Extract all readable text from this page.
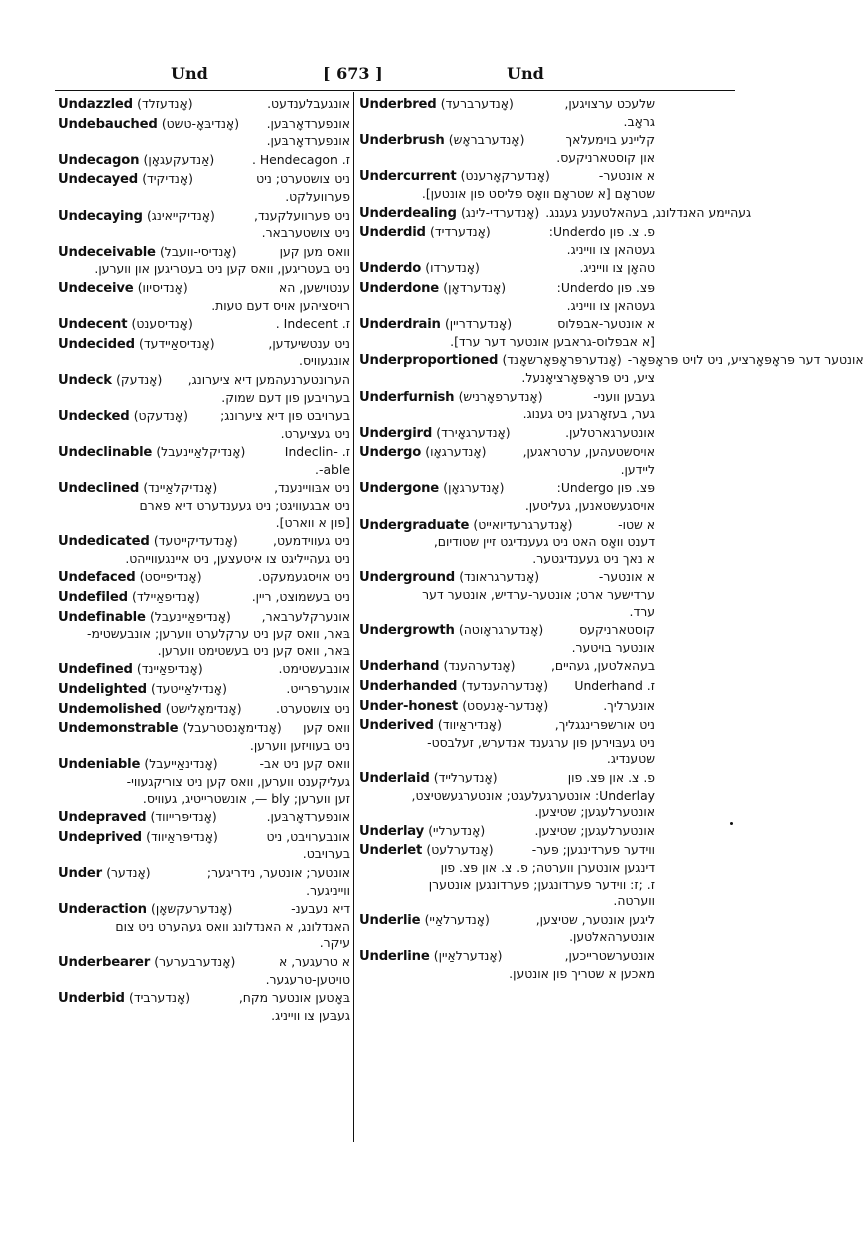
Und	[ 673 ]	Und
Undazzled (אָנדעזלד)	אונגעבלענדעט.
Undebauched (אָנדיבּאָ-טשט) אונפערדאָרבּען.
אונפערדאָרבּען.
Undecagon (אַנדעקעגאָן)	. Hendecagon .ז
Undecayed (אָנדיקיד)	ניט צושטערט; ניט
פערוועלקט.
Undecaying (אָנדיקייאינג)	ניט פערוועלקענד,
ניט צושטערבאר.
Undeceivable (אָנדיסי-וועבל)	וואס מען קען
ניט בעטריגען, וואס קען ניט בעטריגען און ווערען.
Undeceive (אָנדיסיוו)	ענטוישען, ה‍א‍‍‍‍‍‍
רויסציהען אויס דעם טעות.
Undecent (אָנדיסענט)	. Indecent .ז
Undecided (אָנדיסאַיידעד)	ניט ענטשיעדען,
אונגעוויס.
Undeck (אָנדעק) הערונטערנעהמען דיא ציערונג,
בערויבען פון דעם שמוק.
Undecked (אָנדעקט)	בערויבט פון דיא ציערונג;
ניט געציערט.
Undeclinable (אָנדיקלאַיינעבל)	Indeclin- .ז
able-.
Undeclined (אָנדיקלאַיינד)	ניט אבּוויינענד,
ניט אבגעוויגט; ניט געענדערט דיא פארם
[פון א ווארט].
Undedicated (אָנדעדיקייטעד)	ניט געווידמעט,
ניט געהייליגט צו איטעצען, ניט איינגעווייהט.
Undefaced (אָנדיפייסט)	ניט אויסגעמעקט.
Undefiled (אָנדיפאַיילד)	ניט בעשמוצט, ריין.
Undefinable (אָנדיפאַיינעבל) אונערקלערבאר,
בּאר, וואס קען ניט ערקלערט ווערען; אונבעשטימ-
בּאר, וואס קען ניט בעשטימט ווערען.
Undefined (אָנדיפאַיינד)	אונבעשטימט.
Undelighted (אָנדילאַייטעד)	אונערפרייט.
Undemolished (אָנדימאָלישט)	ניט צושטערט.
Undemonstrable (אָנדימאָנסטרעבל) וואס קען
ניט בעוויזען ווערען.
Undeniable (אָנדינאַייעבל)	וואס קען ניט אב-
געליקענט ווערען, וואס קען ניט צוריקגעווי-
זען ווערען; bly —, אונשטרייטיג, געוויס.
Undepraved (אָנדיפּרייווד)	אונפערדאָרבּען.
Undeprived (אָנדיפּראַיווד)	אונבערויבט, ניט
בערויבט.
Under (אָנדער)	אונטער; אונטער, נידריגער;
ווייניגער.
Underaction (אָנדערעקשאָן)	דיא נעבענ-
האנדלונג, א האנדלונג וואס געהערט ניט צום
עיקר.
Underbearer (אָנדערבערער)	א טרעגער, א
טויטען-טרעגער.
Underbid (אָנדערביד)	בּאָטען אונטער מקח,
געבּען צו ווייניג.
Underbred (אָנדערברעד)	שלעכט ערצויגען,
גראָב.
Underbrush (אָנדערבראָש)	קליינע בוימעלאך
און קוסטארניקעס.
Undercurrent (אָנדערקאָרענט)	א אונטער-
שטראָם [א שטראָם וואָס פליסט פון אונטען].
Underdealing (אָנדערדי-לינג) געהיימע הא‍נ‍‍דלונג, בעהאלטענע געגנג.
Underdid (אָנדערדיד)	פ. צ. פון Underdo:
געטהאן צו ווייניג.
Underdo (אָנדערדו)	טהאָן צו ווייניג.
Underdone (אָנדערדאָן)	פּצ. פון Underdo:
געטהאן צו ווייניג.
Underdrain (אָנדערדריין)	א אונטער-אבפלוס
[א אבפלוס-גראבען אונטער דער ערד].
Underproportioned (אָנדערפּראָפּאָרשאָנד) אונטער דער פּראָפּאָרציע, ניט לויט פּראָפּאָר-
ציע, ניט פּראָפּאָרציאָנעל.
Underfurnish (אָנדערפאָרניש)	געבען וועני-
גער, בעזאָרגען ניט גענוג.
Undergird (אָנדערגאָירד)	אונטערגארטלען.
Undergo (אָנדערגאָו)	אויסשטעהען, ערטראגען,
ליידען.
Undergone (אָנדערגאָן)	פּצ. פון Undergo:
אויסגעשטאנען, געליטען.
Undergraduate (אָנדערגרעדיואייט)	א שטו-
דענט וואָס האט ניט געענדיגט זיין שטודיום,
א נאך ניט געענדיגטער.
Underground (אָנדערגראונד)	א אונטער-
ערדישער ארט; אונטער-ערדיש, אונטער דער
ערד.
Undergrowth (אָנדערגראָוטה)	קוסטארניקעס
אונטער בויטער.
Underhand (אָנדערהענד)	בעהאלטען, געהיים,
Underhanded (אָנדערהענדעד) Underhand .ז
Under-honest (אָנדער-אָנעסט)	אונערליך.
Underived (אָנדיראַיווד)	ניט אורשפּרינגגליך,
ניט געבּוירען פון ערגענד אנדערש, זעלבסט-
שטענדיג.
Underlaid (אָנדערלייד)	פ. צ. און פּצ. פון
Underlay: אונטערגעלעגט; אונטערגעשטיצט,
אונטערלעגען; שטיצען.
Underlay (אָנדערליי)	אונטערלעגען; שטיצען.
Underlet (אָנדערלעט)	ווידער פערדינגען; פּער-
דינגען אונטערן ווערטה; פ. צ. און פּצ. פון
ז. ;ז: ווידער פערדונגען; פערדונגען אונטערן
ווערטה.
Underlie (אָנדערלאַיי)	ליגען אונטער, שטיצען,
אונטערהאלטען.
Underline (אָנדערלאַיין)	אונטערשטרייכען,
מאכען א שטריך פון אונטען.
